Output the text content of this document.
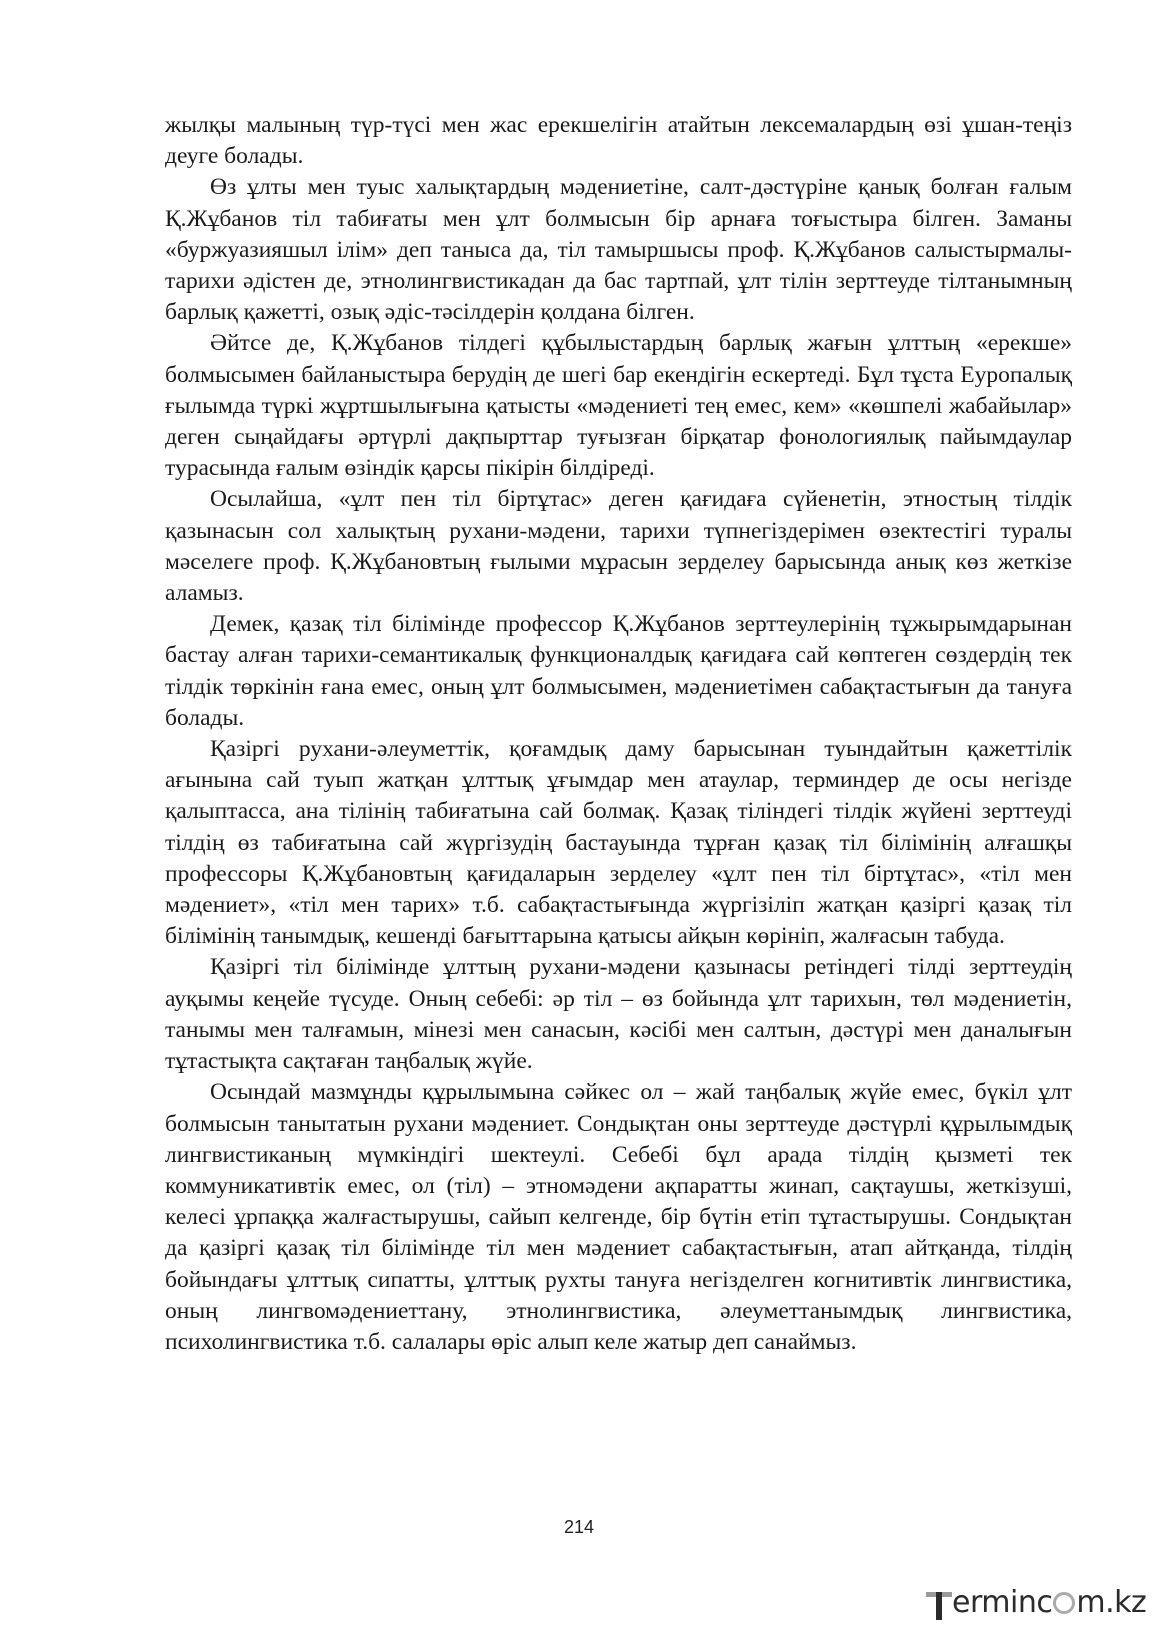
жылқы малының түр-түсі мен жас ерекшелігін атайтын лексемалардың өзі ұшан-теңіз деуге болады.

Өз ұлты мен туыс халықтардың мәдениетіне, салт-дәстүріне қанық болған ғалым Қ.Жұбанов тіл табиғаты мен ұлт болмысын бір арнаға тоғыстыра білген. Заманы «буржуазияшыл ілім» деп таныса да, тіл тамыршысы проф. Қ.Жұбанов салыстырмалы-тарихи әдістен де, этнолингвистикадан да бас тартпай, ұлт тілін зерттеуде тілтанымның барлық қажетті, озық әдіс-тәсілдерін қолдана білген.

Әйтсе де, Қ.Жұбанов тілдегі құбылыстардың барлық жағын ұлттың «ерекше» болмысымен байланыстыра берудің де шегі бар екендігін ескертеді. Бұл тұста Еуропалық ғылымда түркі жұртшылығына қатысты «мәдениеті тең емес, кем» «көшпелі жабайылар» деген сыңайдағы әртүрлі дақпырттар туғызған бірқатар фонологиялық пайымдаулар турасында ғалым өзіндік қарсы пікірін білдіреді.

Осылайша, «ұлт пен тіл біртұтас» деген қағидаға сүйенетін, этностың тілдік қазынасын сол халықтың рухани-мәдени, тарихи түпнегіздерімен өзектестігі туралы мәселеге проф. Қ.Жұбановтың ғылыми мұрасын зерделеу барысында анық көз жеткізе аламыз.

Демек, қазақ тіл білімінде профессор Қ.Жұбанов зерттеулерінің тұжырымдарынан бастау алған тарихи-семантикалық функционалдық қағидаға сай көптеген сөздердің тек тілдік төркінін ғана емес, оның ұлт болмысымен, мәдениетімен сабақтастығын да тануға болады.

Қазіргі рухани-әлеуметтік, қоғамдық даму барысынан туындайтын қажеттілік ағынына сай туып жатқан ұлттық ұғымдар мен атаулар, терминдер де осы негізде қалыптасса, ана тілінің табиғатына сай болмақ. Қазақ тіліндегі тілдік жүйені зерттеуді тілдің өз табиғатына сай жүргізудің бастауында тұрған қазақ тіл білімінің алғашқы профессоры Қ.Жұбановтың қағидаларын зерделеу «ұлт пен тіл біртұтас», «тіл мен мәдениет», «тіл мен тарих» т.б. сабақтастығында жүргізіліп жатқан қазіргі қазақ тіл білімінің танымдық, кешенді бағыттарына қатысы айқын көрініп, жалғасын табуда.

Қазіргі тіл білімінде ұлттың рухани-мәдени қазынасы ретіндегі тілді зерттеудің ауқымы кеңейе түсуде. Оның себебі: әр тіл – өз бойында ұлт тарихын, төл мәдениетін, танымы мен талғамын, мінезі мен санасын, кәсібі мен салтын, дәстүрі мен даналығын тұтастықта сақтаған таңбалық жүйе.

Осындай мазмұнды құрылымына сәйкес ол – жай таңбалық жүйе емес, бүкіл ұлт болмысын танытатын рухани мәдениет. Сондықтан оны зерттеуде дәстүрлі құрылымдық лингвистиканың мүмкіндігі шектеулі. Себебі бұл арада тілдің қызметі тек коммуникативтік емес, ол (тіл) – этномәдени ақпаратты жинап, сақтаушы, жеткізуші, келесі ұрпаққа жалғастырушы, сайып келгенде, бір бүтін етіп тұтастырушы. Сондықтан да қазіргі қазақ тіл білімінде тіл мен мәдениет сабақтастығын, атап айтқанда, тілдің бойындағы ұлттық сипатты, ұлттық рухты тануға негізделген когнитивтік лингвистика, оның лингвомәдениеттану, этнолингвистика, әлеуметтанымдық лингвистика, психолингвистика т.б. салалары өріс алып келе жатыр деп санаймыз.

214
erminc m.kz
